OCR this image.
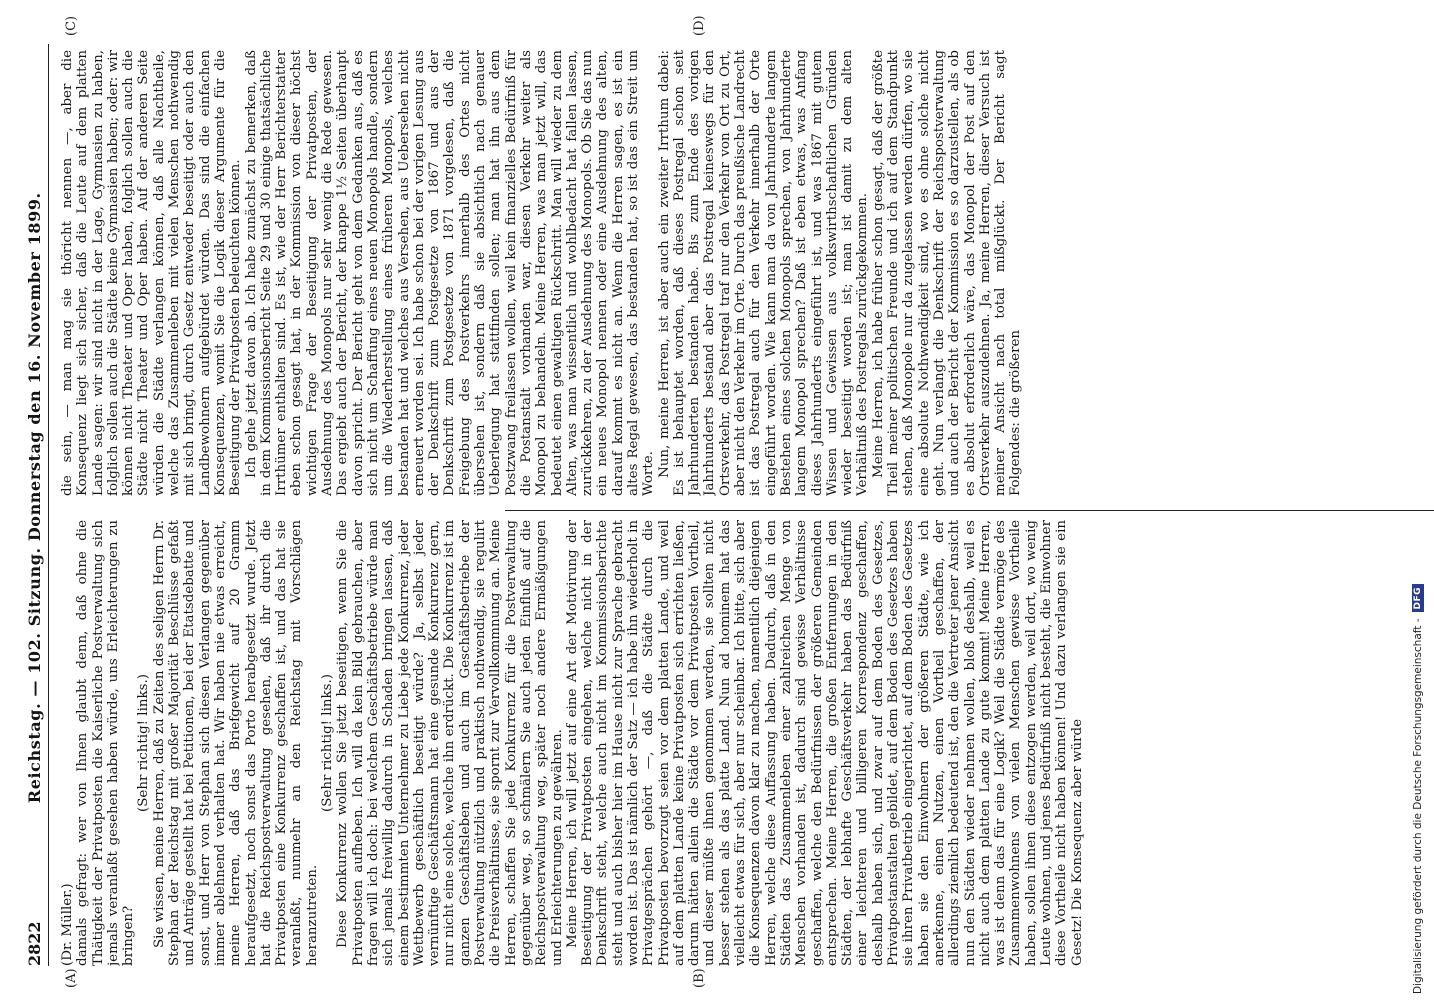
2822
Reichstag. — 102. Sitzung. Donnerstag den 16. November 1899.
(A)	(B)
(C)	(D)

(Dr. Müller.) damals gefragt: wer von Ihnen glaubt denn, daß ohne die Thätigkeit der Privatposten die Kaiserliche Postverwaltung sich jemals veranlaßt gesehen haben würde, uns Erleichterungen zu bringen?

(Sehr richtig! links.) Sie wissen, meine Herren, daß zu Zeiten des seligen Herrn Dr. Stephan der Reichstag mit großer Majorität Beschlüsse gefaßt und Anträge gestellt hat bei Petitionen, bei der Etatsdebatte und sonst, und Herr von Stephan sich diesen Verlangen gegenüber immer ablehnend verhalten hat. Wir haben nie etwas erreicht, meine Herren, daß das Briefgewicht auf 20 Gramm heraufgesetzt, noch sonst das Porto herabgesetzt wurde. Jetzt hat die Reichspostverwaltung gesehen, daß ihr durch die Privatposten eine Konkurrenz geschaffen ist, und das hat sie veranlaßt, nunmehr an den Reichstag mit Vorschlägen heranzutreten.

(Sehr richtig! links.) Diese Konkurrenz wollen Sie jetzt beseitigen, wenn Sie die Privatposten aufheben. Ich will da kein Bild gebrauchen, aber fragen will ich doch: bei welchem Geschäftsbetriebe würde man sich jemals freiwillig dadurch in Schaden bringen lassen, daß einem bestimmten Unternehmer zu Liebe jede Konkurrenz, jeder Wettbewerb geschäftlich beseitigt würde? Ja, selbst jeder vernünftige Geschäftsmann hat eine gesunde Konkurrenz gern, nur nicht eine solche, welche ihn erdrückt. Die Konkurrenz ist im ganzen Geschäftsleben und auch im Geschäftsbetriebe der Postverwaltung nützlich und praktisch nothwendig, sie regulirt die Preisverhältnisse, sie spornt zur Vervollkommnung an. Meine Herren, schaffen Sie jede Konkurrenz für die Postverwaltung gegenüber weg, so schmälern Sie auch jeden Einfluß auf die Reichspostverwaltung weg, später noch andere Ermäßigungen und Erleichterungen zu gewähren. Meine Herren, ich will jetzt auf eine Art der Motivirung der Beseitigung der Privatposten eingehen, welche nicht in der Denkschrift steht, welche auch nicht im Kommissionsberichte steht und auch bisher hier im Hause nicht zur Sprache gebracht worden ist. Das ist nämlich der Satz — ich habe ihn wiederholt in Privatgesprächen gehört —, daß die Städte durch die Privatposten bevorzugt seien vor dem platten Lande, und weil auf dem platten Lande keine Privatposten sich errichten ließen, darum hätten allein die Städte vor dem Privatposten Vortheil, und dieser müßte ihnen genommen werden, sie sollten nicht besser stehen als das platte Land. Nun ad hominem hat das vielleicht etwas für sich, aber nur scheinbar. Ich bitte, sich aber die Konsequenzen davon klar zu machen, namentlich diejenigen Herren, welche diese Auffassung haben. Dadurch, daß in den Städten das Zusammenleben einer zahlreichen Menge von Menschen vorhanden ist, dadurch sind gewisse Verhältnisse geschaffen, welche den Bedürfnissen der größeren Gemeinden entsprechen. Meine Herren, die großen Entfernungen in den Städten, der lebhafte Geschäftsverkehr haben das Bedürfniß einer leichteren und billigeren Korrespondenz geschaffen, deshalb haben sich, und zwar auf dem Boden des Gesetzes, Privatpostanstalten gebildet, auf dem Boden des Gesetzes haben sie ihren Privatbetrieb eingerichtet, auf dem Boden des Gesetzes haben sie den Einwohnern der größeren Städte, wie ich anerkenne, einen Nutzen, einen Vortheil geschaffen, der allerdings ziemlich bedeutend ist, den die Vertreter jener Ansicht nun den Städten wieder nehmen wollen, bloß deshalb, weil es nicht auch dem platten Lande zu gute kommt! Meine Herren, was ist denn das für eine Logik? Weil die Städte vermöge des Zusammenwohnens von vielen Menschen gewisse Vortheile haben, sollen ihnen diese entzogen werden, weil dort, wo wenig Leute wohnen, und jenes Bedürfniß nicht besteht, die Einwohner diese Vortheile nicht haben können! Und dazu verlangen sie ein Gesetz! Die Konsequenz aber würde

die sein, — man mag sie thöricht nennen —, aber die Konsequenz liegt sich sicher, daß die Leute auf dem platten Lande sagen: wir sind nicht in der Lage, Gymnasien zu haben, folglich sollen auch die Städte keine Gymnasien haben; oder: wir können nicht Theater und Oper haben, folglich sollen auch die Städte nicht Theater und Oper haben. Auf der anderen Seite würden die Städte verlangen können, daß alle Nachtheile, welche das Zusammenleben mit vielen Menschen nothwendig mit sich bringt, durch Gesetz entweder beseitigt oder auch den Landbewohnern aufgebürdet würden. Das sind die einfachen Konsequenzen, womit Sie die Logik dieser Argumente für die Beseitigung der Privatposten beleuchten können. Ich gehe jetzt davon ab. Ich habe zunächst zu bemerken, daß in dem Kommissionsbericht Seite 29 und 30 einige thatsächliche Irrthümer enthalten sind. Es ist, wie der Herr Berichterstatter eben schon gesagt hat, in der Kommission von dieser höchst wichtigen Frage der Beseitigung der Privatposten, der Ausdehnung des Monopols nur sehr wenig die Rede gewesen. Das ergiebt auch der Bericht, der knappe 1½ Seiten überhaupt davon spricht. Der Bericht geht von dem Gedanken aus, daß es sich nicht um Schaffung eines neuen Monopols handle, sondern um die Wiederherstellung eines früheren Monopols, welches bestanden hat und welches aus Versehen, aus Uebersehen nicht erneuert worden sei. Ich habe schon bei der vorigen Lesung aus der Denkschrift zum Postgesetze von 1867 und aus der Denkschrift zum Postgesetze von 1871 vorgelesen, daß die Freigebung des Postverkehrs innerhalb des Ortes nicht übersehen ist, sondern daß sie absichtlich nach genauer Ueberlegung hat stattfinden sollen; man hat ihn aus dem Postzwang freilassen wollen, weil kein finanzielles Bedürfniß für die Postanstalt vorhanden war, diesen Verkehr weiter als Monopol zu behandeln. Meine Herren, was man jetzt will, das bedeutet einen gewaltigen Rückschritt. Man will wieder zu dem Alten, was man wissentlich und wohlbedacht hat fallen lassen, zurückkehren, zu der Ausdehnung des Monopols. Ob Sie das nun ein neues Monopol nennen oder eine Ausdehnung des alten, darauf kommt es nicht an. Wenn die Herren sagen, es ist ein altes Regal gewesen, das bestanden hat, so ist das ein Streit um Worte. Nun, meine Herren, ist aber auch ein zweiter Irrthum dabei: Es ist behauptet worden, daß dieses Postregal schon seit Jahrhunderten bestanden habe. Bis zum Ende des vorigen Jahrhunderts bestand aber das Postregal keineswegs für den Ortsverkehr, das Postregal traf nur den Verkehr von Ort zu Ort, aber nicht den Verkehr im Orte. Durch das preußische Landrecht ist das Postregal auch für den Verkehr innerhalb der Orte eingeführt worden. Wie kann man da von Jahrhunderte langem Bestehen eines solchen Monopols sprechen, von Jahrhunderte langem Monopol sprechen? Daß ist eben etwas, was Anfang dieses Jahrhunderts eingeführt ist, und was 1867 mit gutem Wissen und Gewissen aus volkswirthschaftlichen Gründen wieder beseitigt worden ist; man ist damit zu dem alten Verhältniß des Postregals zurückgekommen. Meine Herren, ich habe früher schon gesagt, daß der größte Theil meiner politischen Freunde und ich auf dem Standpunkt stehen, daß Monopole nur da zugelassen werden dürfen, wo sie eine absolute Nothwendigkeit sind, wo es ohne solche nicht geht. Nun verlangt die Denkschrift der Reichspostverwaltung und auch der Bericht der Kommission es so darzustellen, als ob es absolut erforderlich wäre, das Monopol der Post auf den Ortsverkehr auszudehnen. Ja, meine Herren, dieser Versuch ist meiner Ansicht nach total mißglückt. Der Bericht sagt Folgendes: die größeren

Digitalisierung gefördert durch die Deutsche Forschungsgemeinschaft -
DFG
